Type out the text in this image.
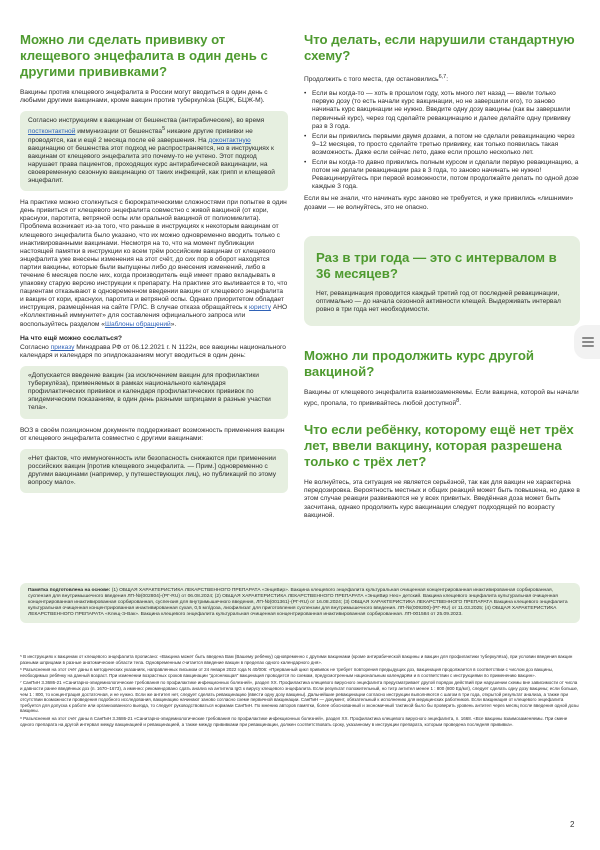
Можно ли сделать прививку от клещевого энцефалита в один день с другими прививками?

Вакцины против клещевого энцефалита в России могут вводиться в один день с любыми другими вакцинами, кроме вакцин против туберкулёза (БЦЖ, БЦЖ-М).

Согласно инструкциям к вакцинам от бешенства (антирабические), во время постконтактной иммунизации от бешенства$^5$ никакие другие прививки не проводятся, как и ещё 2 месяца после её завершения. На доконтактную вакцинацию от бешенства этот подход не распространяется, но в инструкциях к вакцинам от клещевого энцефалита это почему-то не учтено. Этот подход нарушает права пациентов, проходящих курс антирабической вакцинации, на своевременную сезонную вакцинацию от таких инфекций, как грипп и клещевой энцефалит.

На практике можно столкнуться с бюрократическими сложностями при попытке в один день привиться от клещевого энцефалита совместно с живой вакциной (от кори, краснухи, паротита, ветряной оспы или оральной вакциной от полиомиелита). Проблема возникает из-за того, что раньше в инструкциях к некоторым вакцинам от клещевого энцефалита было указано, что их можно одновременно вводить только с инактивированными вакцинами. Несмотря на то, что на момент публикации настоящей памятки в инструкции ко всем трём российским вакцинам от клещевого энцефалита уже внесены изменения на этот счёт, до сих пор в оборот находятся партии вакцины, которые были выпущены либо до внесения изменений, либо в течение 6 месяцев после них, когда производитель ещё имеет право вкладывать в упаковку старую версию инструкции к препарату. На практике это выливается в то, что пациентам отказывают в одновременном введении вакцин от клещевого энцефалита и вакцин от кори, краснухи, паротита и ветряной оспы. Однако приоритетом обладает инструкция, размещённая на сайте ГРЛС. В случае отказа обращайтесь к юристу АНО «Коллективный иммунитет» для составления официального запроса или воспользуйтесь разделом «Шаблоны обращений».

На что ещё можно сослаться?

Согласно приказу Минздрава РФ от 06.12.2021 г. N 1122н, все вакцины национального календаря и календаря по эпидпоказаниям могут вводиться в один день:

«Допускается введение вакцин (за исключением вакцин для профилактики туберкулёза), применяемых в рамках национального календаря профилактических прививок и календаря профилактических прививок по эпидемическим показаниям, в один день разными шприцами в разные участки тела».

ВОЗ в своём позиционном документе поддерживает возможность применения вакцин от клещевого энцефалита совместно с другими вакцинами:

«Нет фактов, что иммуногенность или безопасность снижаются при применении российских вакцин [против клещевого энцефалита. — Прим.] одновременно с другими вакцинами (например, у путешествующих лиц), но публикаций по этому вопросу мало».

Что делать, если нарушили стандартную схему?

Продолжить с того места, где остановились$^{6,7}$:

• Если вы когда-то — хоть в прошлом году, хоть много лет назад — ввели только первую дозу (то есть начали курс вакцинации, но не завершили его), то заново начинать курс вакцинации не нужно. Введите одну дозу вакцины (как вы завершили первичный курс), через год сделайте ревакцинацию и далее делайте одну прививку раз в 3 года.
• Если вы привились первыми двумя дозами, а потом не сделали ревакцинацию через 9–12 месяцев, то просто сделайте третью прививку, как только появилась такая возможность. Даже если сейчас лето, даже если прошло несколько лет.
• Если вы когда-то давно привились полным курсом и сделали первую ревакцинацию, а потом не делали ревакцинации раз в 3 года, то заново начинать не нужно! Ревакцинируйтесь при первой возможности, потом продолжайте делать по одной дозе каждые 3 года.

Если вы не знали, что начинать курс заново не требуется, и уже привились «лишними» дозами — не волнуйтесь, это не опасно.

Раз в три года — это с интервалом в 36 месяцев?

Нет, ревакцинация проводится каждый третий год от последней ревакцинации, оптимально — до начала сезонной активности клещей. Выдерживать интервал ровно в три года нет необходимости.

Можно ли продолжить курс другой вакциной?

Вакцины от клещевого энцефалита взаимозаменяемы. Если вакцина, которой вы начали курс, пропала, то прививайтесь любой доступной$^8$.

Что если ребёнку, которому ещё нет трёх лет, ввели вакцину, которая разрешена только с трёх лет?

Не волнуйтесь, эта ситуация не является серьёзной, так как для вакцин не характерна передозировка. Вероятность местных и общих реакций может быть повышена, но даже в этом случае реакции развиваются не у всех привитых. Введённая доза может быть засчитана, однако продолжить курс вакцинации следует подходящей по возрасту вакциной.

Памятка подготовлена на основе: (1) ОБЩАЯ ХАРАКТЕРИСТИКА ЛЕКАРСТВЕННОГО ПРЕПАРАТА «ЭнцеВир». Вакцина клещевого энцефалита культуральная очищенная концентрированная инактивированная сорбированная, суспензия для внутримышечного введения ЛП-№(002804)-(РГ-RU) от 06.08.2024; (2) ОБЩАЯ ХАРАКТЕРИСТИКА ЛЕКАРСТВЕННОГО ПРЕПАРАТА «ЭнцеВир Нео» детский. Вакцина клещевого энцефалита культуральная очищенная концентрированная инактивированная сорбированная, суспензия для внутримышечного введения, ЛП-№(001361)-(РГ-RU) от 16.08.2024; (3) ОБЩАЯ ХАРАКТЕРИСТИКА ЛЕКАРСТВЕННОГО ПРЕПАРАТА Вакцина клещевого энцефалита культуральная очищенная концентрированная инактивированная сухая, 0,5 мл/доза, лиофилизат для приготовления суспензии для внутримышечного введения. ЛП-№(009200)-(РГ-RU) от 11.03.2025; (4) ОБЩАЯ ХАРАКТЕРИСТИКА ЛЕКАРСТВЕННОГО ПРЕПАРАТА «Клещ-Э-Вак». Вакцина клещевого энцефалита культуральная очищенная концентрированная инактивированная сорбированная. ЛП-001584 от 25.09.2023.

⁵ В инструкциях к вакцинам от клещевого энцефалита прописано: «Вакцина может быть введена Вам (Вашему ребёнку) одновременно с другими вакцинами (кроме антирабической вакцины и вакцин для профилактики туберкулёза), при условии введения вакцин разными шприцами в разные анатомические области тела. Одновременным считается введение вакцин в пределах одного календарного дня».

⁶ Разъяснения на этот счёт даны в методических указаниях, направленных письмом от 24 января 2022 года N 40/006: «Прерванный цикл прививок не требует повторения предыдущих доз, вакцинация продолжается в соответствии с числом доз вакцины, необходимых ребёнку на данный возраст. При изменении возрастных сроков вакцинации "догоняющая" вакцинация проводится по схемам, предусмотренным национальным календарём и в соответствии с инструкциями по применению вакцин».

⁷ СанПиН 3.3686-21 «Санитарно-эпидемиологические требования по профилактике инфекционных болезней», раздел XX. Профилактика клещевого вирусного энцефалита предусматривает другой порядок действий при нарушении схемы вне зависимости от числа и давности ранее введённых доз (п. 1670–1673), а именно: рекомендовано сдать анализ на антитела IgG к вирусу клещевого энцефалита. Если результат положительный, но титр антител менее 1 : 800 (800 Ед/мл), следует сделать одну дозу вакцины; если больше, чем 1 : 800, то концентрация достаточная, и не нужно. Если же антител нет, следует сделать ревакцинацию (ввести одну дозу вакцины). Дальнейшие ревакцинации согласно инструкции выполняются с шагом в три года, открытой результат анализа, а также при отсутствии возможности проведения подобного исследования, вакцинацию начинают заново согласно схеме первичной вакцинации. СанПиН — документ, обязательный к исполнению для медицинских работников. Если вакцинация от клещевого энцефалита требуется для допуска к работе или организованного выезда, то следует руководствоваться нормами СанПиН. По мнению авторов памятки, более обоснованный и экономичный тактикой было бы проверить уровень антител через месяц после введения одной дозы вакцины.

⁸ Разъяснения на этот счёт даны в СанПиН 3.3686-21 «Санитарно-эпидемиологические требования по профилактике инфекционных болезней», раздел XX. Профилактика клещевого вирусного энцефалита, п. 1668. «Все вакцины взаимозаменяемы. При смене одного препарата на другой интервал между вакцинацией и ревакцинацией, а также между прививками при ревакцинации, должен соответствовать сроку, указанному в инструкции препарата, которым проведена последняя прививка».

2
